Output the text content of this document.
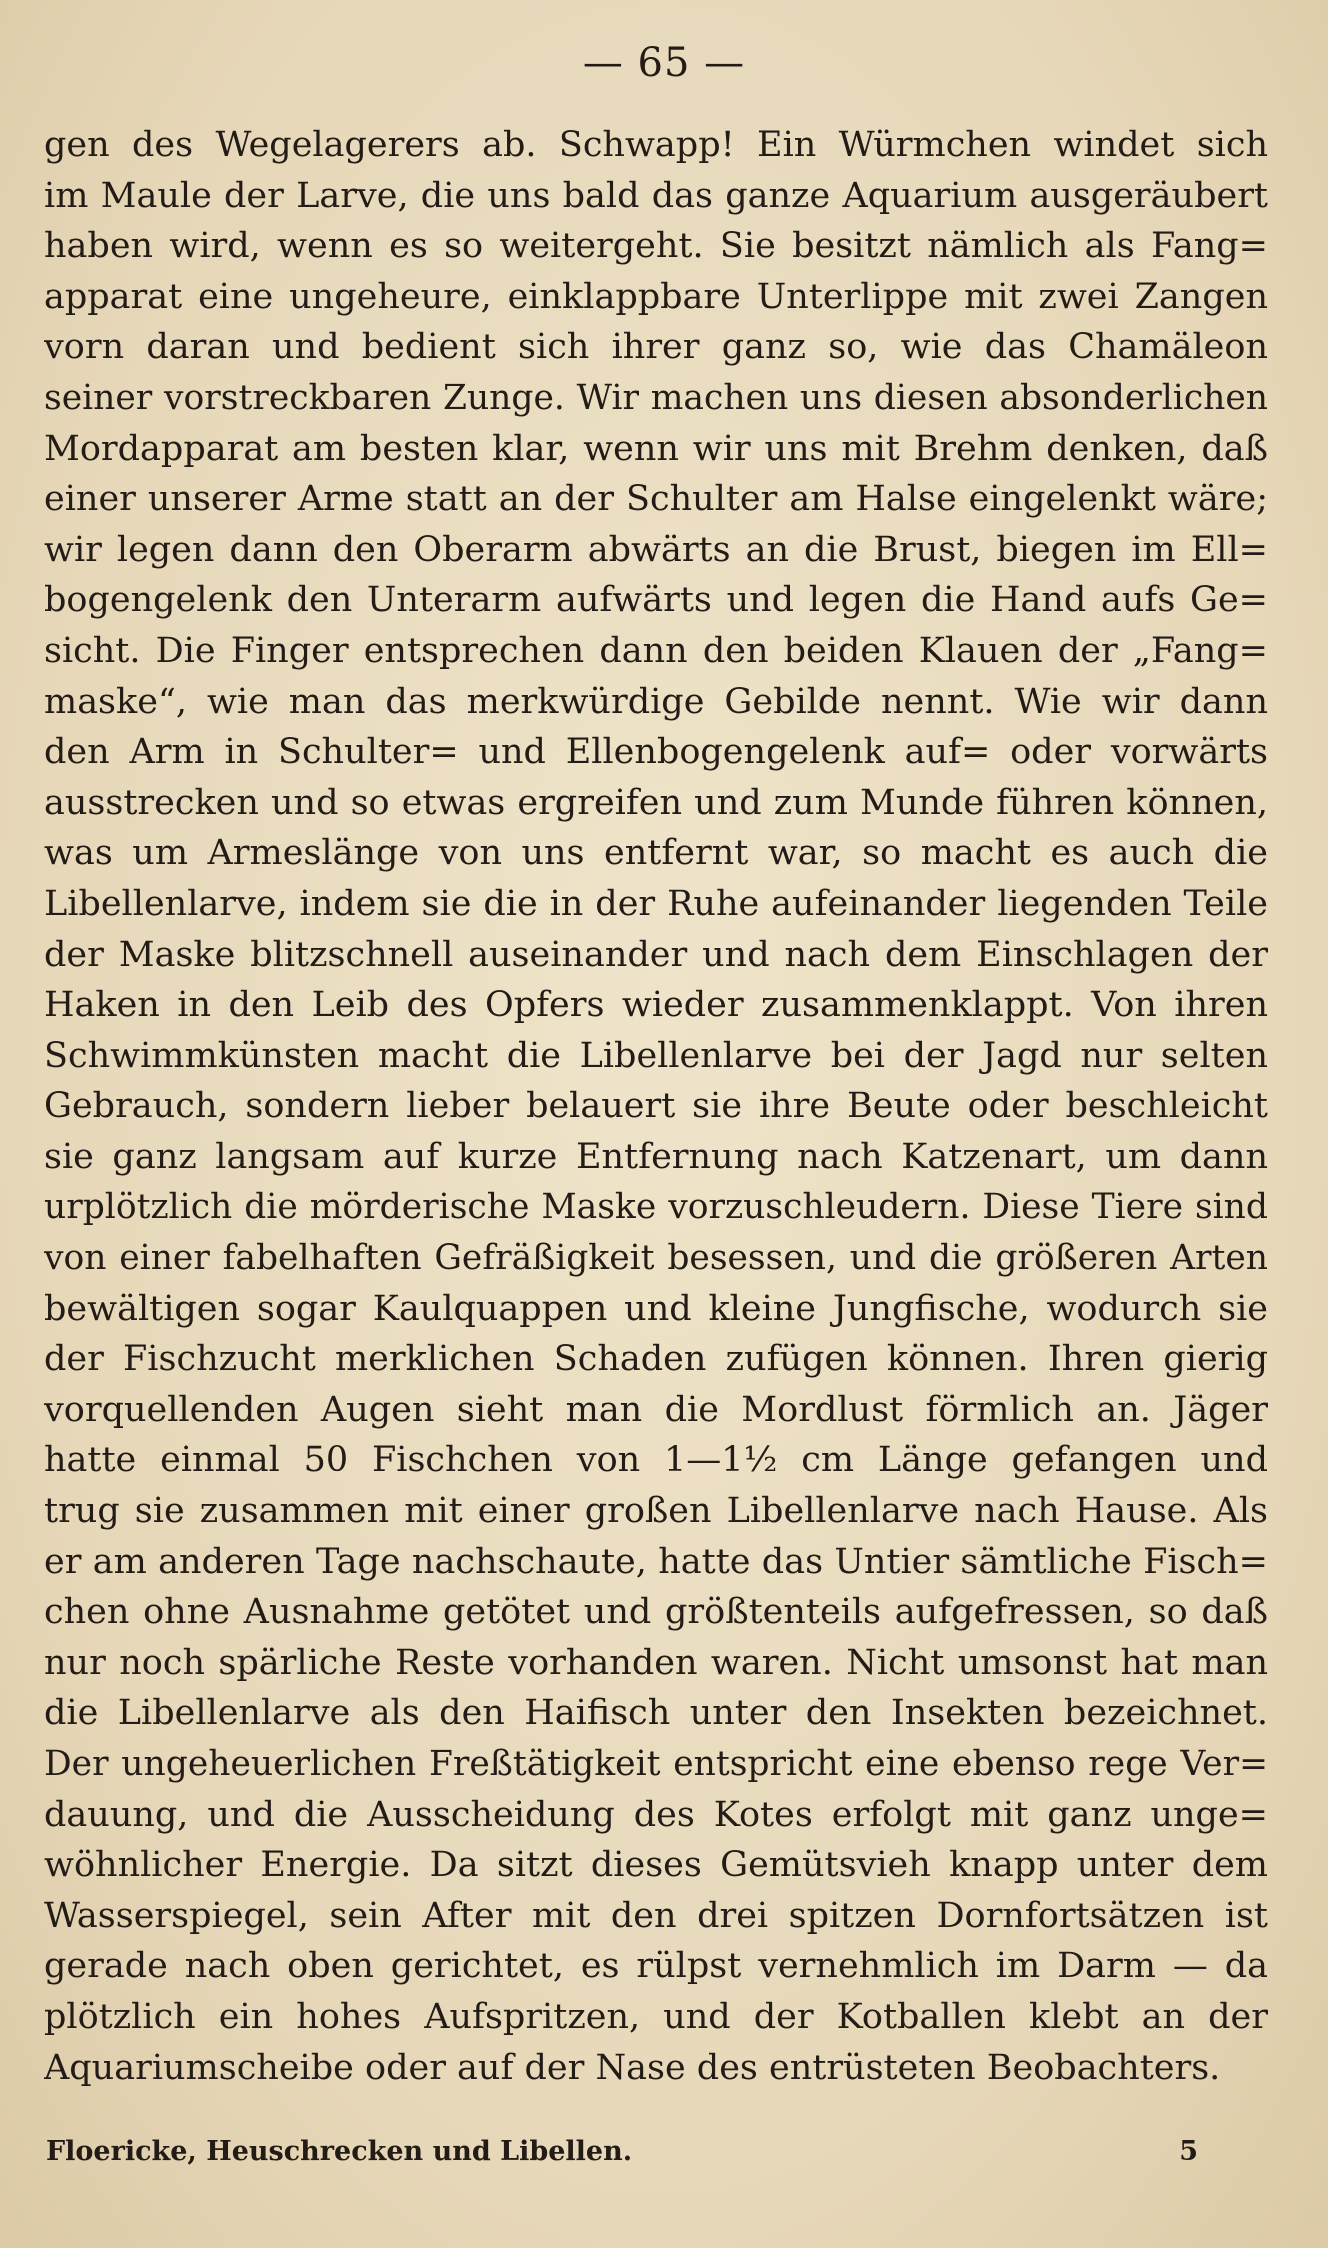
— 65 —
gen des Wegelagerers ab. Schwapp! Ein Würmchen windet sich
im Maule der Larve, die uns bald das ganze Aquarium ausgeräubert
haben wird, wenn es so weitergeht. Sie besitzt nämlich als Fang=
apparat eine ungeheure, einklappbare Unterlippe mit zwei Zangen
vorn daran und bedient sich ihrer ganz so, wie das Chamäleon
seiner vorstreckbaren Zunge. Wir machen uns diesen absonderlichen
Mordapparat am besten klar, wenn wir uns mit Brehm denken, daß
einer unserer Arme statt an der Schulter am Halse eingelenkt wäre;
wir legen dann den Oberarm abwärts an die Brust, biegen im Ell=
bogengelenk den Unterarm aufwärts und legen die Hand aufs Ge=
sicht. Die Finger entsprechen dann den beiden Klauen der „Fang=
maske“, wie man das merkwürdige Gebilde nennt. Wie wir dann
den Arm in Schulter= und Ellenbogengelenk auf= oder vorwärts
ausstrecken und so etwas ergreifen und zum Munde führen können,
was um Armeslänge von uns entfernt war, so macht es auch die
Libellenlarve, indem sie die in der Ruhe aufeinander liegenden Teile
der Maske blitzschnell auseinander und nach dem Einschlagen der
Haken in den Leib des Opfers wieder zusammenklappt. Von ihren
Schwimmkünsten macht die Libellenlarve bei der Jagd nur selten
Gebrauch, sondern lieber belauert sie ihre Beute oder beschleicht
sie ganz langsam auf kurze Entfernung nach Katzenart, um dann
urplötzlich die mörderische Maske vorzuschleudern. Diese Tiere sind
von einer fabelhaften Gefräßigkeit besessen, und die größeren Arten
bewältigen sogar Kaulquappen und kleine Jungfische, wodurch sie
der Fischzucht merklichen Schaden zufügen können. Ihren gierig
vorquellenden Augen sieht man die Mordlust förmlich an. Jäger
hatte einmal 50 Fischchen von 1—1½ cm Länge gefangen und
trug sie zusammen mit einer großen Libellenlarve nach Hause. Als
er am anderen Tage nachschaute, hatte das Untier sämtliche Fisch=
chen ohne Ausnahme getötet und größtenteils aufgefressen, so daß
nur noch spärliche Reste vorhanden waren. Nicht umsonst hat man
die Libellenlarve als den Haifisch unter den Insekten bezeichnet.
Der ungeheuerlichen Freßtätigkeit entspricht eine ebenso rege Ver=
dauung, und die Ausscheidung des Kotes erfolgt mit ganz unge=
wöhnlicher Energie. Da sitzt dieses Gemütsvieh knapp unter dem
Wasserspiegel, sein After mit den drei spitzen Dornfortsätzen ist
gerade nach oben gerichtet, es rülpst vernehmlich im Darm — da
plötzlich ein hohes Aufspritzen, und der Kotballen klebt an der
Aquariumscheibe oder auf der Nase des entrüsteten Beobachters.
Floericke, Heuschrecken und Libellen.	5
